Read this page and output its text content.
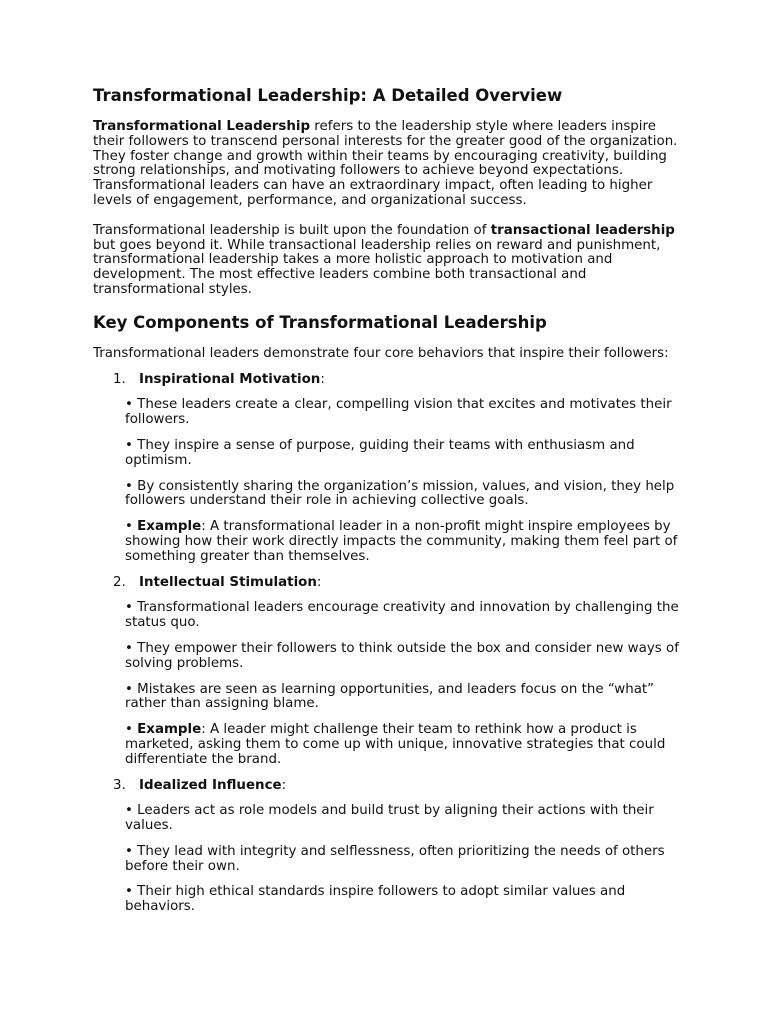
Transformational Leadership: A Detailed Overview

Transformational Leadership refers to the leadership style where leaders inspire their followers to transcend personal interests for the greater good of the organization. They foster change and growth within their teams by encouraging creativity, building strong relationships, and motivating followers to achieve beyond expectations. Transformational leaders can have an extraordinary impact, often leading to higher levels of engagement, performance, and organizational success.

Transformational leadership is built upon the foundation of transactional leadership but goes beyond it. While transactional leadership relies on reward and punishment, transformational leadership takes a more holistic approach to motivation and development. The most effective leaders combine both transactional and transformational styles.

Key Components of Transformational Leadership

Transformational leaders demonstrate four core behaviors that inspire their followers:

1. Inspirational Motivation:
• These leaders create a clear, compelling vision that excites and motivates their followers.
• They inspire a sense of purpose, guiding their teams with enthusiasm and optimism.
• By consistently sharing the organization’s mission, values, and vision, they help followers understand their role in achieving collective goals.
• Example: A transformational leader in a non-profit might inspire employees by showing how their work directly impacts the community, making them feel part of something greater than themselves.
2. Intellectual Stimulation:
• Transformational leaders encourage creativity and innovation by challenging the status quo.
• They empower their followers to think outside the box and consider new ways of solving problems.
• Mistakes are seen as learning opportunities, and leaders focus on the “what” rather than assigning blame.
• Example: A leader might challenge their team to rethink how a product is marketed, asking them to come up with unique, innovative strategies that could differentiate the brand.
3. Idealized Influence:
• Leaders act as role models and build trust by aligning their actions with their values.
• They lead with integrity and selflessness, often prioritizing the needs of others before their own.
• Their high ethical standards inspire followers to adopt similar values and behaviors.
